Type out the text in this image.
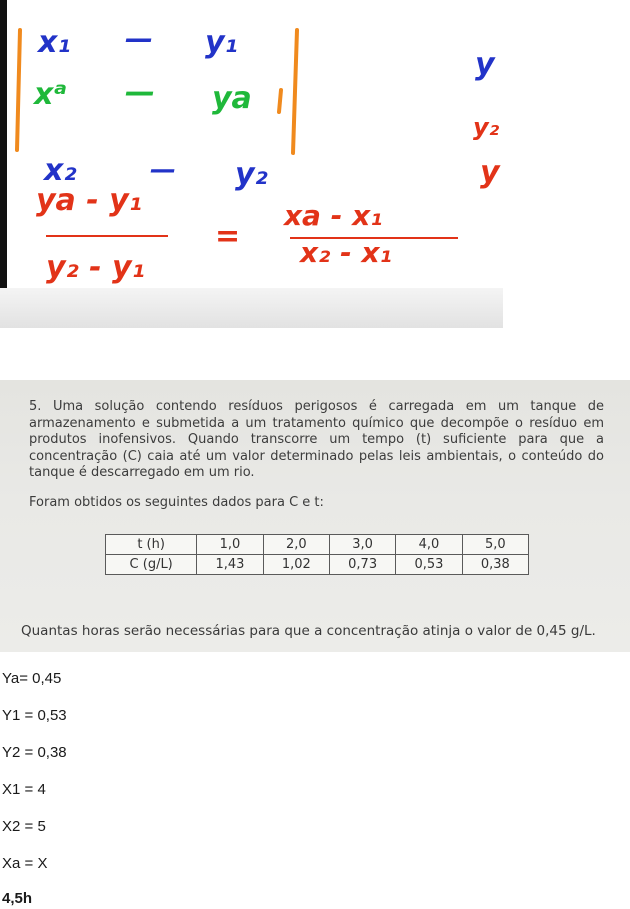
x₁ — y₁
xᵃ — ya
x₂	— y₂
y
y₂
y
ya - y₁
y₂ - y₁
=
xa - x₁
x₂ - x₁

5. Uma solução contendo resíduos perigosos é carregada em um tanque de armazenamento e submetida a um tratamento químico que decompõe o resíduo em produtos inofensivos. Quando transcorre um tempo (t) suficiente para que a concentração (C) caia até um valor determinado pelas leis ambientais, o conteúdo do tanque é descarregado em um rio.

Foram obtidos os seguintes dados para C e t:
t (h)	1,0	2,0	3,0	4,0	5,0
C (g/L)	1,43	1,02	0,73	0,53	0,38
Quantas horas serão necessárias para que a concentração atinja o valor de 0,45 g/L.
Ya= 0,45
Y1 = 0,53
Y2 = 0,38
X1 = 4
X2 = 5
Xa = X
4,5h
